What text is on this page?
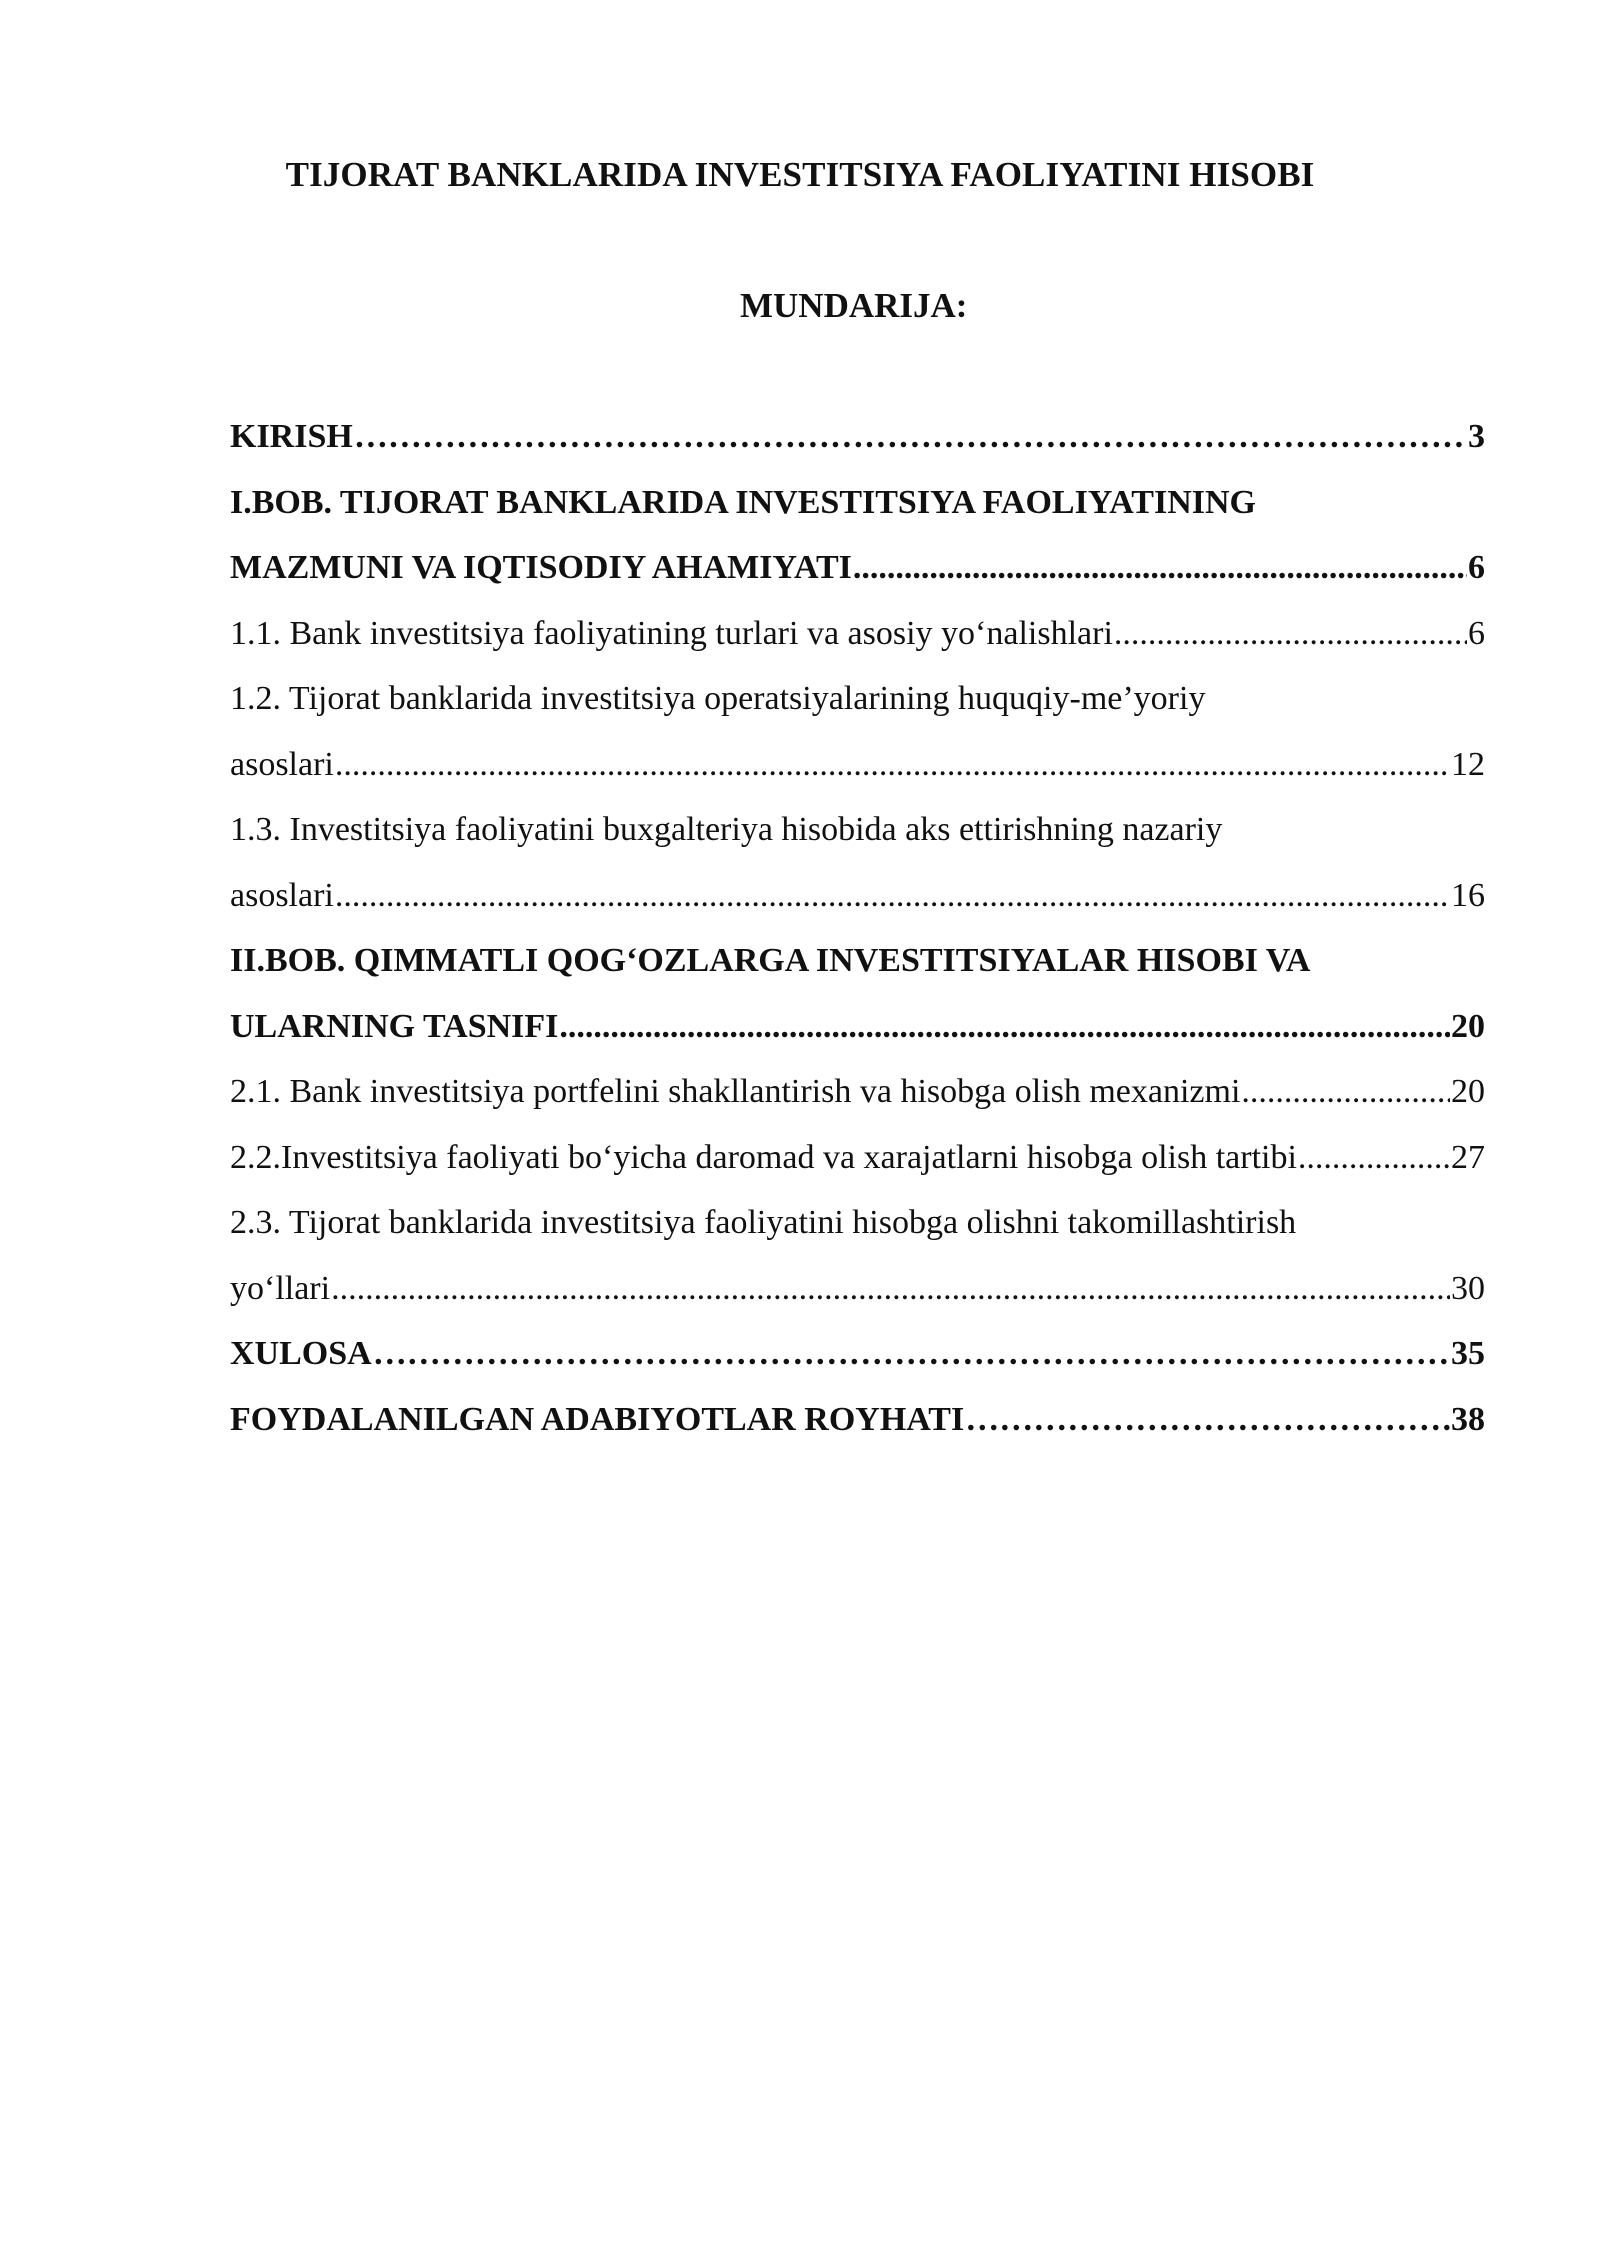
TIJORAT BANKLARIDA INVESTITSIYA FAOLIYATINI HISOBI
MUNDARIJA:
KIRISH ……………………………………………………………………………………………………………………………………………………………………………………………………	3
I.BOB. TIJORAT BANKLARIDA INVESTITSIYA FAOLIYATINING
MAZMUNI VA IQTISODIY AHAMIYATI .....	6
1.1. Bank investitsiya faoliyatining turlari va asosiy yo‘nalishlari .....	6
1.2. Tijorat banklarida investitsiya operatsiyalarining huquqiy-me’yoriy
asoslari .....	12
1.3. Investitsiya faoliyatini buxgalteriya hisobida aks ettirishning nazariy
asoslari .....	16
II.BOB. QIMMATLI QOG‘OZLARGA INVESTITSIYALAR HISOBI VA
ULARNING TASNIFI .....	20
2.1. Bank investitsiya portfelini shakllantirish va hisobga olish mexanizmi .....	20
2.2.Investitsiya faoliyati bo‘yicha daromad va xarajatlarni hisobga olish tartibi .....	27
2.3. Tijorat banklarida investitsiya faoliyatini hisobga olishni takomillashtirish
yo‘llari .....	30
XULOSA ……………………………………………………………………………………………………………………………………………………………………………………………………	35
FOYDALANILGAN ADABIYOTLAR ROYHATI ……………………………………………………………………………………………………………………………………………………………………………………………………	38
